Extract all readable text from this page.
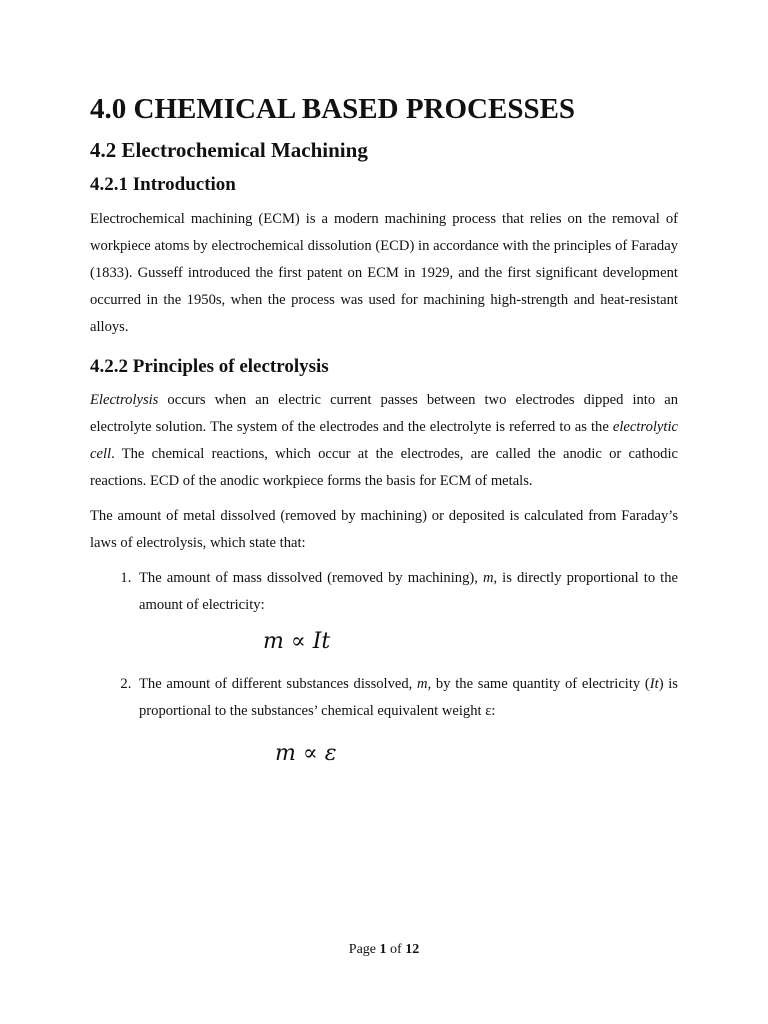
4.0 CHEMICAL BASED PROCESSES
4.2 Electrochemical Machining
4.2.1 Introduction

Electrochemical machining (ECM) is a modern machining process that relies on the removal of workpiece atoms by electrochemical dissolution (ECD) in accordance with the principles of Faraday (1833). Gusseff introduced the first patent on ECM in 1929, and the first significant development occurred in the 1950s, when the process was used for machining high-strength and heat-resistant alloys.

4.2.2 Principles of electrolysis

Electrolysis occurs when an electric current passes between two electrodes dipped into an electrolyte solution. The system of the electrodes and the electrolyte is referred to as the electrolytic cell. The chemical reactions, which occur at the electrodes, are called the anodic or cathodic reactions. ECD of the anodic workpiece forms the basis for ECM of metals.

The amount of metal dissolved (removed by machining) or deposited is calculated from Faraday’s laws of electrolysis, which state that:

1. The amount of mass dissolved (removed by machining), m, is directly proportional to the amount of electricity:
m ∝ It
2. The amount of different substances dissolved, m, by the same quantity of electricity (It) is proportional to the substances’ chemical equivalent weight ε:
m ∝ ε
Page 1 of 12
